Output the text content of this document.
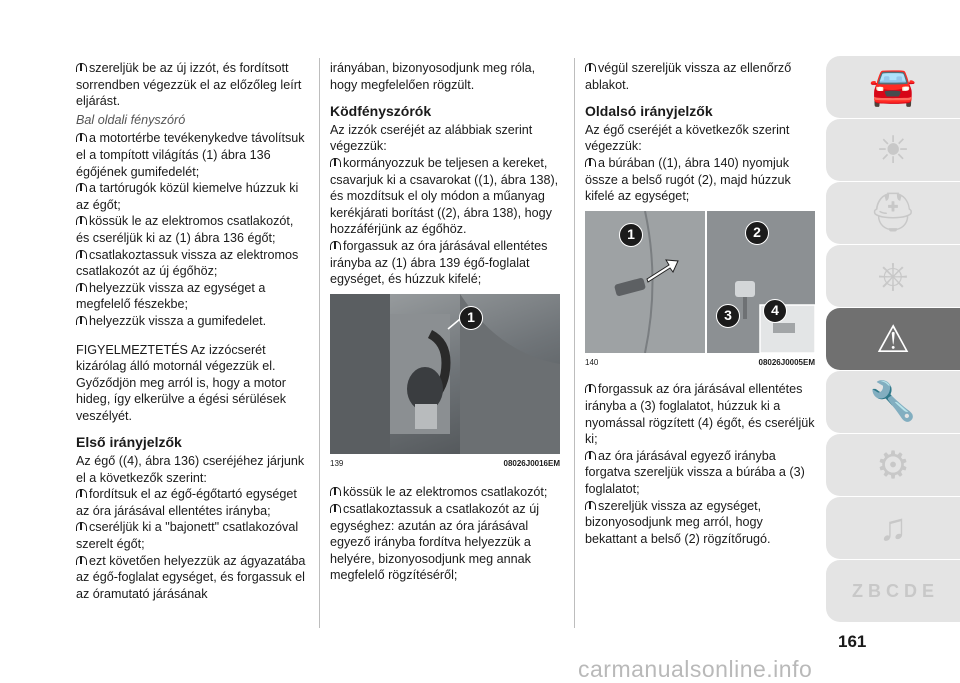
szereljük be az új izzót, és fordítsott sorrendben végezzük el az előzőleg leírt eljárást.

Bal oldali fényszóró

a motortérbe tevékenykedve távolítsuk el a tompított világítás (1) ábra 136 égőjének gumifedelét;

a tartórugók közül kiemelve húzzuk ki az égőt;

kössük le az elektromos csatlakozót, és cseréljük ki az (1) ábra 136 égőt;

csatlakoztassuk vissza az elektromos csatlakozót az új égőhöz;

helyezzük vissza az egységet a megfelelő fészekbe;

helyezzük vissza a gumifedelet.

FIGYELMEZTETÉS Az izzócserét kizárólag álló motornál végezzük el. Győződjön meg arról is, hogy a motor hideg, így elkerülve a égési sérülések veszélyét.

Első irányjelzők

Az égő ((4), ábra 136) cseréjéhez járjunk el a következők szerint:

fordítsuk el az égő-égőtartó egységet az óra járásával ellentétes irányba;

cseréljük ki a "bajonett" csatlakozóval szerelt égőt;

ezt követően helyezzük az ágyazatába az égő-foglalat egységet, és forgassuk el az óramutató járásának

irányában, bizonyosodjunk meg róla, hogy megfelelően rögzült.

Ködfényszórók

Az izzók cseréjét az alábbiak szerint végezzük:

kormányozzuk be teljesen a kereket, csavarjuk ki a csavarokat ((1), ábra 138), és mozdítsuk el oly módon a műanyag kerékjárati borítást ((2), ábra 138), hogy hozzáférjünk az égőhöz.

forgassuk az óra járásával ellentétes irányba az (1) ábra 139 égő-foglalat egységet, és húzzuk kifelé;

1
139	08026J0016EM

kössük le az elektromos csatlakozót;

csatlakoztassuk a csatlakozót az új egységhez: azután az óra járásával egyező irányba fordítva helyezzük a helyére, bizonyosodjunk meg annak megfelelő rögzítéséről;

végül szereljük vissza az ellenőrző ablakot.

Oldalsó irányjelzők

Az égő cseréjét a következők szerint végezzük:

a búrában ((1), ábra 140) nyomjuk össze a belső rugót (2), majd húzzuk kifelé az egységet;

1	2
3	4
140	08026J0005EM

forgassuk az óra járásával ellentétes irányba a (3) foglalatot, húzzuk ki a nyomással rögzített (4) égőt, és cseréljük ki;

az óra járásával egyező irányba forgatva szereljük vissza a búrába a (3) foglalatot;

szereljük vissza az egységet, bizonyosodjunk meg arról, hogy bekattant a belső (2) rögzítőrugó.

🚘
☀
⛑
⎈
⚠
🔧
⚙
♫
Z B C D E
161
carmanualsonline.info
